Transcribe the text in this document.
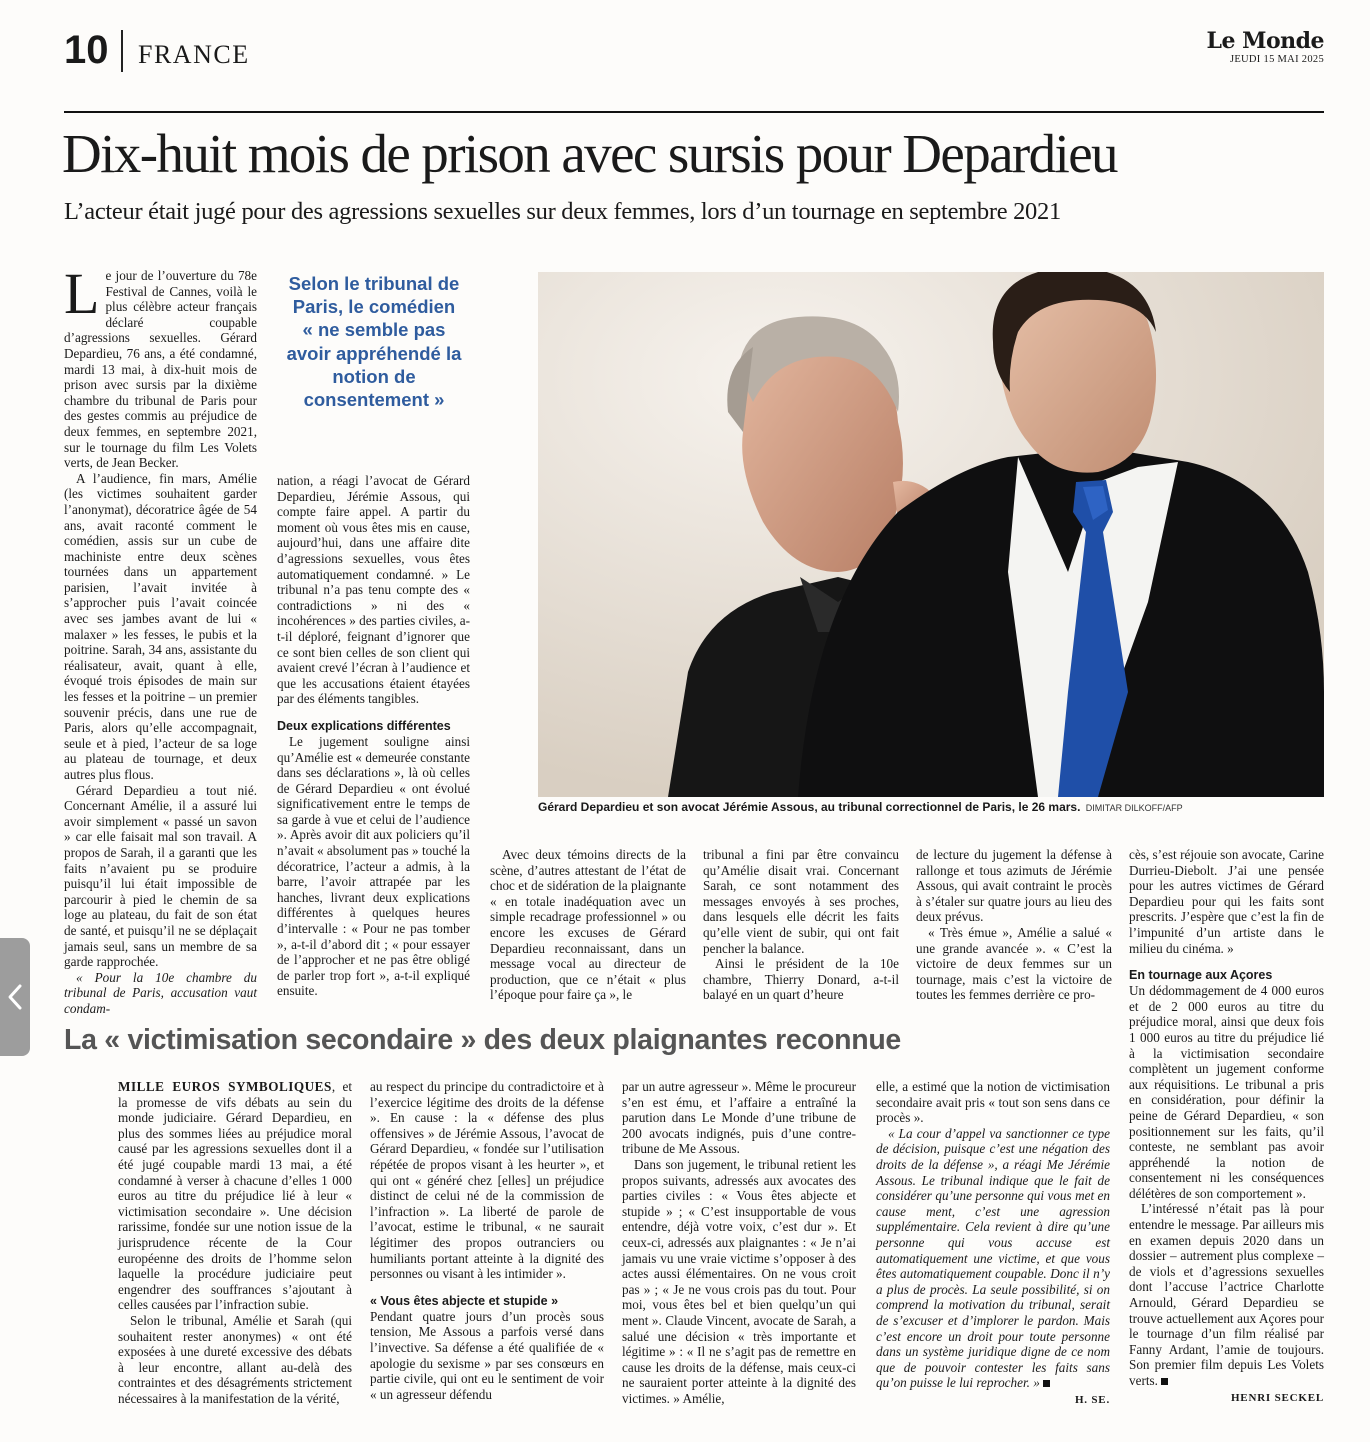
10 FRANCE	Le Monde
JEUDI 15 MAI 2025
Dix-huit mois de prison avec sursis pour Depardieu
L’acteur était jugé pour des agressions sexuelles sur deux femmes, lors d’un tournage en septembre 2021
Selon le tribunal de Paris, le comédien « ne semble pas avoir appréhendé la notion de consentement »
Gérard Depardieu et son avocat Jérémie Assous, au tribunal correctionnel de Paris, le 26 mars. DIMITAR DILKOFF/AFP

L e jour de l’ouverture du 78e Festival de Cannes, voilà le plus célèbre acteur français déclaré coupable d’agressions sexuelles. Gérard Depardieu, 76 ans, a été condamné, mardi 13 mai, à dix-huit mois de prison avec sursis par la dixième chambre du tribunal de Paris pour des gestes commis au préjudice de deux femmes, en septembre 2021, sur le tournage du film Les Volets verts, de Jean Becker.

A l’audience, fin mars, Amélie (les victimes souhaitent garder l’anonymat), décoratrice âgée de 54 ans, avait raconté comment le comédien, assis sur un cube de machiniste entre deux scènes tournées dans un appartement parisien, l’avait invitée à s’approcher puis l’avait coincée avec ses jambes avant de lui « malaxer » les fesses, le pubis et la poitrine. Sarah, 34 ans, assistante du réalisateur, avait, quant à elle, évoqué trois épisodes de main sur les fesses et la poitrine – un premier souvenir précis, dans une rue de Paris, alors qu’elle accompagnait, seule et à pied, l’acteur de sa loge au plateau de tournage, et deux autres plus flous.

Gérard Depardieu a tout nié. Concernant Amélie, il a assuré lui avoir simplement « passé un savon » car elle faisait mal son travail. A propos de Sarah, il a garanti que les faits n’avaient pu se produire puisqu’il lui était impossible de parcourir à pied le chemin de sa loge au plateau, du fait de son état de santé, et puisqu’il ne se déplaçait jamais seul, sans un membre de sa garde rapprochée.

« Pour la 10e chambre du tribunal de Paris, accusation vaut condam-

nation, a réagi l’avocat de Gérard Depardieu, Jérémie Assous, qui compte faire appel. A partir du moment où vous êtes mis en cause, aujourd’hui, dans une affaire dite d’agressions sexuelles, vous êtes automatiquement condamné. » Le tribunal n’a pas tenu compte des « contradictions » ni des « incohérences » des parties civiles, a-t-il déploré, feignant d’ignorer que ce sont bien celles de son client qui avaient crevé l’écran à l’audience et que les accusations étaient étayées par des éléments tangibles.

Deux explications différentes

Le jugement souligne ainsi qu’Amélie est « demeurée constante dans ses déclarations », là où celles de Gérard Depardieu « ont évolué significativement entre le temps de sa garde à vue et celui de l’audience ». Après avoir dit aux policiers qu’il n’avait « absolument pas » touché la décoratrice, l’acteur a admis, à la barre, l’avoir attrapée par les hanches, livrant deux explications différentes à quelques heures d’intervalle : « Pour ne pas tomber », a-t-il d’abord dit ; « pour essayer de l’approcher et ne pas être obligé de parler trop fort », a-t-il expliqué ensuite.

Avec deux témoins directs de la scène, d’autres attestant de l’état de choc et de sidération de la plaignante « en totale inadéquation avec un simple recadrage professionnel » ou encore les excuses de Gérard Depardieu reconnaissant, dans un message vocal au directeur de production, que ce n’était « plus l’époque pour faire ça », le

tribunal a fini par être convaincu qu’Amélie disait vrai. Concernant Sarah, ce sont notamment des messages envoyés à ses proches, dans lesquels elle décrit les faits qu’elle vient de subir, qui ont fait pencher la balance.

Ainsi le président de la 10e chambre, Thierry Donard, a-t-il balayé en un quart d’heure

de lecture du jugement la défense à rallonge et tous azimuts de Jérémie Assous, qui avait contraint le procès à s’étaler sur quatre jours au lieu des deux prévus.

« Très émue », Amélie a salué « une grande avancée ». « C’est la victoire de deux femmes sur un tournage, mais c’est la victoire de toutes les femmes derrière ce pro-

cès, s’est réjouie son avocate, Carine Durrieu-Diebolt. J’ai une pensée pour les autres victimes de Gérard Depardieu pour qui les faits sont prescrits. J’espère que c’est la fin de l’impunité d’un artiste dans le milieu du cinéma. »

En tournage aux Açores

Un dédommagement de 4 000 euros et de 2 000 euros au titre du préjudice moral, ainsi que deux fois 1 000 euros au titre du préjudice lié à la victimisation secondaire complètent un jugement conforme aux réquisitions. Le tribunal a pris en considération, pour définir la peine de Gérard Depardieu, « son positionnement sur les faits, qu’il conteste, ne semblant pas avoir appréhendé la notion de consentement ni les conséquences délétères de son comportement ».

L’intéressé n’était pas là pour entendre le message. Par ailleurs mis en examen depuis 2020 dans un dossier – autrement plus complexe – de viols et d’agressions sexuelles dont l’accuse l’actrice Charlotte Arnould, Gérard Depardieu se trouve actuellement aux Açores pour le tournage d’un film réalisé par Fanny Ardant, l’amie de toujours. Son premier film depuis Les Volets verts.

HENRI SECKEL
La « victimisation secondaire » des deux plaignantes reconnue

MILLE EUROS SYMBOLIQUES, et la promesse de vifs débats au sein du monde judiciaire. Gérard Depardieu, en plus des sommes liées au préjudice moral causé par les agressions sexuelles dont il a été jugé coupable mardi 13 mai, a été condamné à verser à chacune d’elles 1 000 euros au titre du préjudice lié à leur « victimisation secondaire ». Une décision rarissime, fondée sur une notion issue de la jurisprudence récente de la Cour européenne des droits de l’homme selon laquelle la procédure judiciaire peut engendrer des souffrances s’ajoutant à celles causées par l’infraction subie.

Selon le tribunal, Amélie et Sarah (qui souhaitent rester anonymes) « ont été exposées à une dureté excessive des débats à leur encontre, allant au-delà des contraintes et des désagréments strictement nécessaires à la manifestation de la vérité,

au respect du principe du contradictoire et à l’exercice légitime des droits de la défense ». En cause : la « défense des plus offensives » de Jérémie Assous, l’avocat de Gérard Depardieu, « fondée sur l’utilisation répétée de propos visant à les heurter », et qui ont « généré chez [elles] un préjudice distinct de celui né de la commission de l’infraction ». La liberté de parole de l’avocat, estime le tribunal, « ne saurait légitimer des propos outranciers ou humiliants portant atteinte à la dignité des personnes ou visant à les intimider ».

« Vous êtes abjecte et stupide »

Pendant quatre jours d’un procès sous tension, Me Assous a parfois versé dans l’invective. Sa défense a été qualifiée de « apologie du sexisme » par ses consœurs en partie civile, qui ont eu le sentiment de voir « un agresseur défendu

par un autre agresseur ». Même le procureur s’en est ému, et l’affaire a entraîné la parution dans Le Monde d’une tribune de 200 avocats indignés, puis d’une contre-tribune de Me Assous.

Dans son jugement, le tribunal retient les propos suivants, adressés aux avocates des parties civiles : « Vous êtes abjecte et stupide » ; « C’est insupportable de vous entendre, déjà votre voix, c’est dur ». Et ceux-ci, adressés aux plaignantes : « Je n’ai jamais vu une vraie victime s’opposer à des actes aussi élémentaires. On ne vous croit pas » ; « Je ne vous crois pas du tout. Pour moi, vous êtes bel et bien quelqu’un qui ment ». Claude Vincent, avocate de Sarah, a salué une décision « très importante et légitime » : « Il ne s’agit pas de remettre en cause les droits de la défense, mais ceux-ci ne sauraient porter atteinte à la dignité des victimes. » Amélie,

elle, a estimé que la notion de victimisation secondaire avait pris « tout son sens dans ce procès ».

« La cour d’appel va sanctionner ce type de décision, puisque c’est une négation des droits de la défense », a réagi Me Jérémie Assous. Le tribunal indique que le fait de considérer qu’une personne qui vous met en cause ment, c’est une agression supplémentaire. Cela revient à dire qu’une personne qui vous accuse est automatiquement une victime, et que vous êtes automatiquement coupable. Donc il n’y a plus de procès. La seule possibilité, si on comprend la motivation du tribunal, serait de s’excuser et d’implorer le pardon. Mais c’est encore un droit pour toute personne dans un système juridique digne de ce nom que de pouvoir contester les faits sans qu’on puisse le lui reprocher. »

H. SE.
